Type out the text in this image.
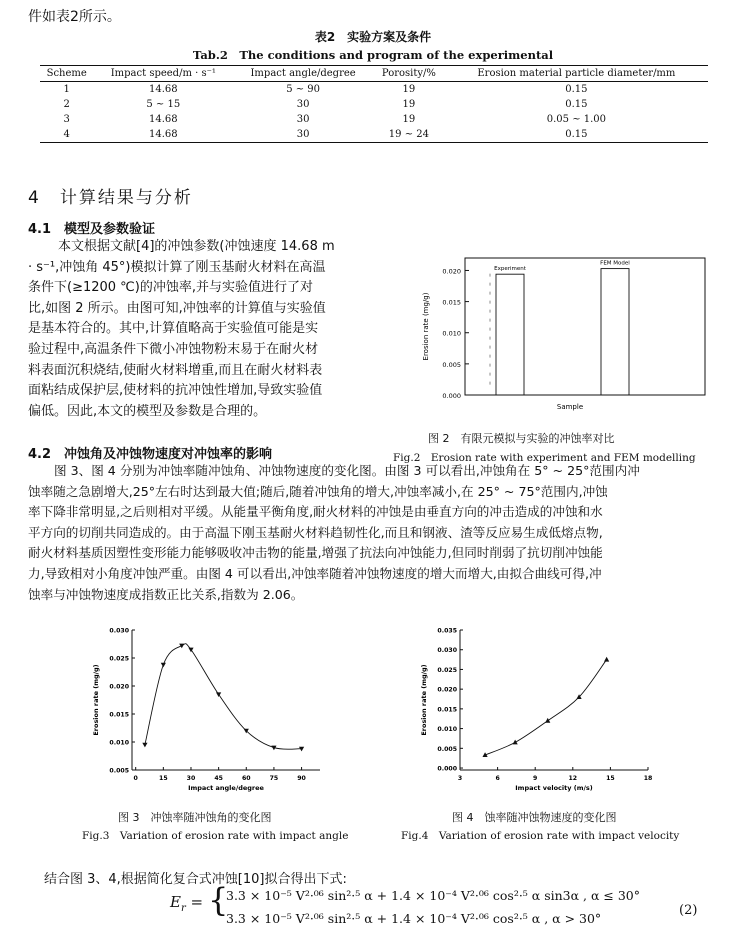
件如表2所示。
表2　实验方案及条件
Tab.2　The conditions and program of the experimental
Scheme	Impact speed/m · s⁻¹	Impact angle/degree	Porosity/%	Erosion material particle diameter/mm
1	14.68	5 ~ 90	19	0.15
2	5 ~ 15	30	19	0.15
3	14.68	30	19	0.05 ~ 1.00
4	14.68	30	19 ~ 24	0.15
4　计算结果与分析
4.1　模型及参数验证
本文根据文献[4]的冲蚀参数(冲蚀速度 14.68 m
· s⁻¹,冲蚀角 45°)模拟计算了刚玉基耐火材料在高温
条件下(≥1200 ℃)的冲蚀率,并与实验值进行了对
比,如图 2 所示。由图可知,冲蚀率的计算值与实验值
是基本符合的。其中,计算值略高于实验值可能是实
验过程中,高温条件下微小冲蚀物粉末易于在耐火材
料表面沉积烧结,使耐火材料增重,而且在耐火材料表
面粘结成保护层,使材料的抗冲蚀性增加,导致实验值
偏低。因此,本文的模型及参数是合理的。
4.2　冲蚀角及冲蚀物速度对冲蚀率的影响
图 3、图 4 分别为冲蚀率随冲蚀角、冲蚀物速度的变化图。由图 3 可以看出,冲蚀角在 5° ~ 25°范围内冲
蚀率随之急剧增大,25°左右时达到最大值;随后,随着冲蚀角的增大,冲蚀率减小,在 25° ~ 75°范围内,冲蚀
率下降非常明显,之后则相对平缓。从能量平衡角度,耐火材料的冲蚀是由垂直方向的冲击造成的冲蚀和水
平方向的切削共同造成的。由于高温下刚玉基耐火材料趋韧性化,而且和钢液、渣等反应易生成低熔点物,
耐火材料基质因塑性变形能力能够吸收冲击物的能量,增强了抗法向冲蚀能力,但同时削弱了抗切削冲蚀能
力,导致相对小角度冲蚀严重。由图 4 可以看出,冲蚀率随着冲蚀物速度的增大而增大,由拟合曲线可得,冲
蚀率与冲蚀物速度成指数正比关系,指数为 2.06。
0.000
0.005
0.010
0.015
0.020	Experiment
FEM Model
Sample
Erosion rate (mg/g)
图 2　有限元模拟与实验的冲蚀率对比
Fig.2　Erosion rate with experiment and FEM modelling
0.005
0.010
0.015
0.020
0.025
0.030
0	15	30	45	60	75	90
Impact angle/degree
Erosion rate (mg/g)
图 3　冲蚀率随冲蚀角的变化图
Fig.3　Variation of erosion rate with impact angle
0.000
0.005
0.010
0.015
0.020
0.025
0.030
0.035
3	6	9	12	15	18
Impact velocity (m/s)
Erosion rate (mg/g)
图 4　蚀率随冲蚀物速度的变化图
Fig.4　Variation of erosion rate with impact velocity
结合图 3、4,根据简化复合式冲蚀[10]拟合得出下式:
$E_r$ = {
3.3 × 10⁻⁵ V²·⁰⁶ sin²·⁵ α + 1.4 × 10⁻⁴ V²·⁰⁶ cos²·⁵ α sin3α , α ≤ 30°
3.3 × 10⁻⁵ V²·⁰⁶ sin²·⁵ α + 1.4 × 10⁻⁴ V²·⁰⁶ cos²·⁵ α , α > 30°
(2)
